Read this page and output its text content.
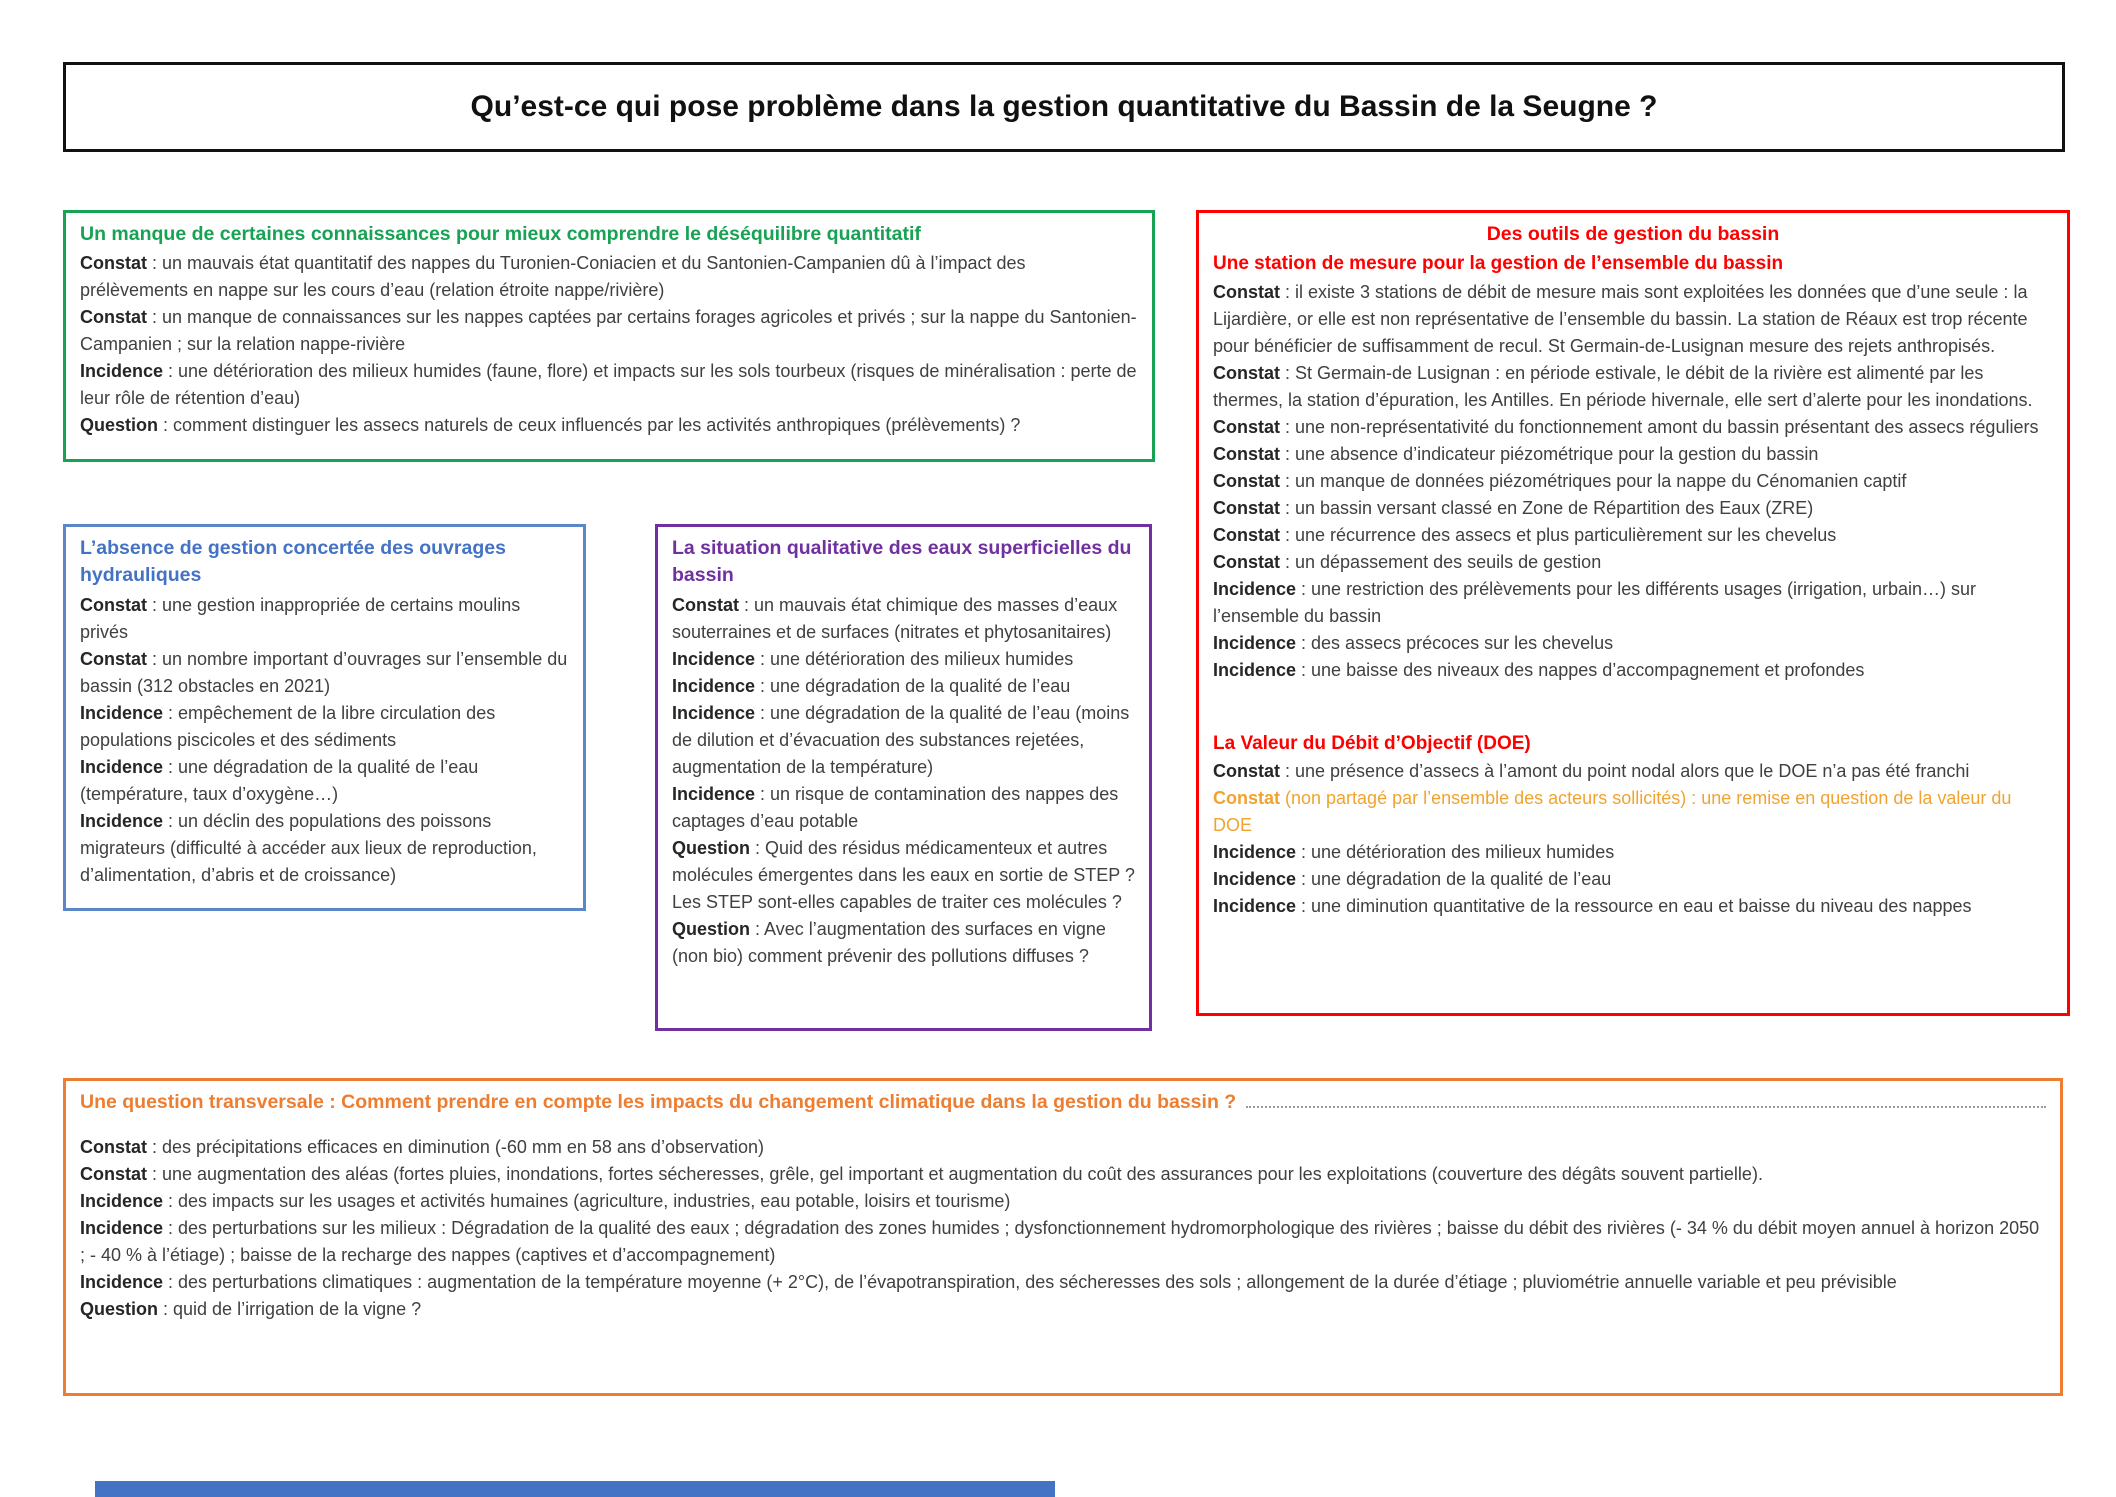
Qu’est-ce qui pose problème dans la gestion quantitative du Bassin de la Seugne ?
Un manque de certaines connaissances pour mieux comprendre le déséquilibre quantitatif

Constat : un mauvais état quantitatif des nappes du Turonien-Coniacien et du Santonien-Campanien dû à l’impact des prélèvements en nappe sur les cours d’eau (relation étroite nappe/rivière)

Constat : un manque de connaissances sur les nappes captées par certains forages agricoles et privés ; sur la nappe du Santonien-Campanien ; sur la relation nappe-rivière

Incidence : une détérioration des milieux humides (faune, flore) et impacts sur les sols tourbeux (risques de minéralisation : perte de leur rôle de rétention d’eau)

Question : comment distinguer les assecs naturels de ceux influencés par les activités anthropiques (prélèvements) ?

L’absence de gestion concertée des ouvrages hydrauliques

Constat : une gestion inappropriée de certains moulins privés

Constat : un nombre important d’ouvrages sur l’ensemble du bassin (312 obstacles en 2021)

Incidence : empêchement de la libre circulation des populations piscicoles et des sédiments

Incidence : une dégradation de la qualité de l’eau (température, taux d’oxygène…)

Incidence : un déclin des populations des poissons migrateurs (difficulté à accéder aux lieux de reproduction, d’alimentation, d’abris et de croissance)

La situation qualitative des eaux superficielles du bassin

Constat : un mauvais état chimique des masses d’eaux souterraines et de surfaces (nitrates et phytosanitaires)

Incidence : une détérioration des milieux humides

Incidence : une dégradation de la qualité de l’eau

Incidence : une dégradation de la qualité de l’eau (moins de dilution et d’évacuation des substances rejetées, augmentation de la température)

Incidence : un risque de contamination des nappes des captages d’eau potable

Question : Quid des résidus médicamenteux et autres molécules émergentes dans les eaux en sortie de STEP ? Les STEP sont-elles capables de traiter ces molécules ?

Question : Avec l’augmentation des surfaces en vigne (non bio) comment prévenir des pollutions diffuses ?

Des outils de gestion du bassin
Une station de mesure pour la gestion de l’ensemble du bassin

Constat : il existe 3 stations de débit de mesure mais sont exploitées les données que d’une seule : la Lijardière, or elle est non représentative de l’ensemble du bassin. La station de Réaux est trop récente pour bénéficier de suffisamment de recul. St Germain-de-Lusignan mesure des rejets anthropisés.

Constat : St Germain-de Lusignan : en période estivale, le débit de la rivière est alimenté par les thermes, la station d’épuration, les Antilles. En période hivernale, elle sert d’alerte pour les inondations.

Constat : une non-représentativité du fonctionnement amont du bassin présentant des assecs réguliers

Constat : une absence d’indicateur piézométrique pour la gestion du bassin

Constat : un manque de données piézométriques pour la nappe du Cénomanien captif

Constat : un bassin versant classé en Zone de Répartition des Eaux (ZRE)

Constat : une récurrence des assecs et plus particulièrement sur les chevelus

Constat : un dépassement des seuils de gestion

Incidence : une restriction des prélèvements pour les différents usages (irrigation, urbain…) sur l’ensemble du bassin

Incidence : des assecs précoces sur les chevelus

Incidence : une baisse des niveaux des nappes d’accompagnement et profondes

La Valeur du Débit d’Objectif (DOE)

Constat : une présence d’assecs à l’amont du point nodal alors que le DOE n’a pas été franchi

Constat (non partagé par l’ensemble des acteurs sollicités) : une remise en question de la valeur du DOE

Incidence : une détérioration des milieux humides

Incidence : une dégradation de la qualité de l’eau

Incidence : une diminution quantitative de la ressource en eau et baisse du niveau des nappes

Une question transversale : Comment prendre en compte les impacts du changement climatique dans la gestion du bassin ?

Constat : des précipitations efficaces en diminution (-60 mm en 58 ans d’observation)

Constat : une augmentation des aléas (fortes pluies, inondations, fortes sécheresses, grêle, gel important et augmentation du coût des assurances pour les exploitations (couverture des dégâts souvent partielle).

Incidence : des impacts sur les usages et activités humaines (agriculture, industries, eau potable, loisirs et tourisme)

Incidence : des perturbations sur les milieux : Dégradation de la qualité des eaux ; dégradation des zones humides ; dysfonctionnement hydromorphologique des rivières ; baisse du débit des rivières (- 34 % du débit moyen annuel à horizon 2050 ; - 40 % à l’étiage) ; baisse de la recharge des nappes (captives et d’accompagnement)

Incidence : des perturbations climatiques : augmentation de la température moyenne (+ 2°C), de l’évapotranspiration, des sécheresses des sols ; allongement de la durée d’étiage ; pluviométrie annuelle variable et peu prévisible

Question : quid de l’irrigation de la vigne ?
